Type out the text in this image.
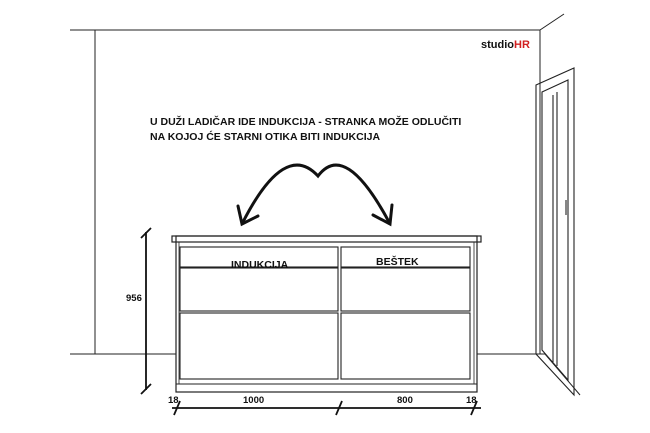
studioHR
U DUŽI LADIČAR IDE INDUKCIJA - STRANKA MOŽE ODLUČITI
NA KOJOJ ĆE STARNI OTIKA BITI INDUKCIJA
INDUKCIJA	BEŠTEK
956
18	1000	800	18
